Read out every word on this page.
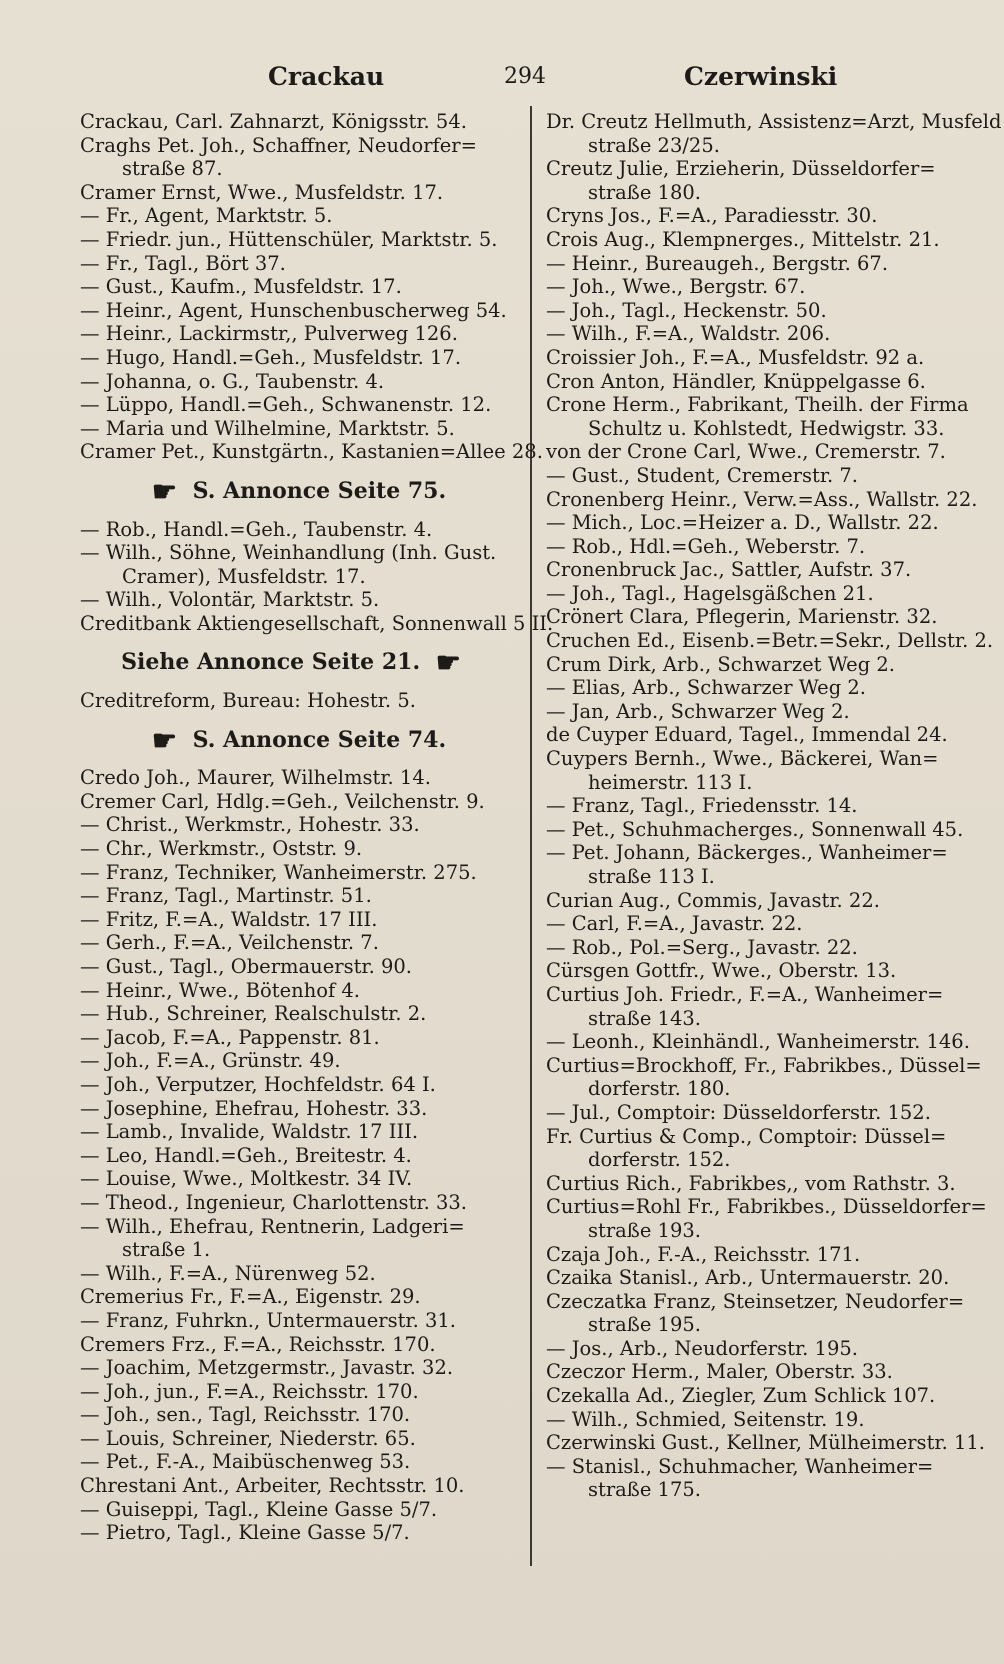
Crackau	294	Czerwinski
Crackau, Carl. Zahnarzt, Königsstr. 54.
Craghs Pet. Joh., Schaffner, Neudorfer=
straße 87.
Cramer Ernst, Wwe., Musfeldstr. 17.
— Fr., Agent, Marktstr. 5.
— Friedr. jun., Hüttenschüler, Marktstr. 5.
— Fr., Tagl., Bört 37.
— Gust., Kaufm., Musfeldstr. 17.
— Heinr., Agent, Hunschenbuscherweg 54.
— Heinr., Lackirmstr,, Pulverweg 126.
— Hugo, Handl.=Geh., Musfeldstr. 17.
— Johanna, o. G., Taubenstr. 4.
— Lüppo, Handl.=Geh., Schwanenstr. 12.
— Maria und Wilhelmine, Marktstr. 5.
Cramer Pet., Kunstgärtn., Kastanien=Allee 28.
☛ S. Annonce Seite 75.
— Rob., Handl.=Geh., Taubenstr. 4.
— Wilh., Söhne, Weinhandlung (Inh. Gust.
Cramer), Musfeldstr. 17.
— Wilh., Volontär, Marktstr. 5.
Creditbank Aktiengesellschaft, Sonnenwall 5 II.
Siehe Annonce Seite 21. ☛
Creditreform, Bureau: Hohestr. 5.
☛ S. Annonce Seite 74.
Credo Joh., Maurer, Wilhelmstr. 14.
Cremer Carl, Hdlg.=Geh., Veilchenstr. 9.
— Christ., Werkmstr., Hohestr. 33.
— Chr., Werkmstr., Oststr. 9.
— Franz, Techniker, Wanheimerstr. 275.
— Franz, Tagl., Martinstr. 51.
— Fritz, F.=A., Waldstr. 17 III.
— Gerh., F.=A., Veilchenstr. 7.
— Gust., Tagl., Obermauerstr. 90.
— Heinr., Wwe., Bötenhof 4.
— Hub., Schreiner, Realschulstr. 2.
— Jacob, F.=A., Pappenstr. 81.
— Joh., F.=A., Grünstr. 49.
— Joh., Verputzer, Hochfeldstr. 64 I.
— Josephine, Ehefrau, Hohestr. 33.
— Lamb., Invalide, Waldstr. 17 III.
— Leo, Handl.=Geh., Breitestr. 4.
— Louise, Wwe., Moltkestr. 34 IV.
— Theod., Ingenieur, Charlottenstr. 33.
— Wilh., Ehefrau, Rentnerin, Ladgeri=
straße 1.
— Wilh., F.=A., Nürenweg 52.
Cremerius Fr., F.=A., Eigenstr. 29.
— Franz, Fuhrkn., Untermauerstr. 31.
Cremers Frz., F.=A., Reichsstr. 170.
— Joachim, Metzgermstr., Javastr. 32.
— Joh., jun., F.=A., Reichsstr. 170.
— Joh., sen., Tagl, Reichsstr. 170.
— Louis, Schreiner, Niederstr. 65.
— Pet., F.-A., Maibüschenweg 53.
Chrestani Ant., Arbeiter, Rechtsstr. 10.
— Guiseppi, Tagl., Kleine Gasse 5/7.
— Pietro, Tagl., Kleine Gasse 5/7.
Dr. Creutz Hellmuth, Assistenz=Arzt, Musfeld
straße 23/25.
Creutz Julie, Erzieherin, Düsseldorfer=
straße 180.
Cryns Jos., F.=A., Paradiesstr. 30.
Crois Aug., Klempnerges., Mittelstr. 21.
— Heinr., Bureaugeh., Bergstr. 67.
— Joh., Wwe., Bergstr. 67.
— Joh., Tagl., Heckenstr. 50.
— Wilh., F.=A., Waldstr. 206.
Croissier Joh., F.=A., Musfeldstr. 92 a.
Cron Anton, Händler, Knüppelgasse 6.
Crone Herm., Fabrikant, Theilh. der Firma
Schultz u. Kohlstedt, Hedwigstr. 33.
von der Crone Carl, Wwe., Cremerstr. 7.
— Gust., Student, Cremerstr. 7.
Cronenberg Heinr., Verw.=Ass., Wallstr. 22.
— Mich., Loc.=Heizer a. D., Wallstr. 22.
— Rob., Hdl.=Geh., Weberstr. 7.
Cronenbruck Jac., Sattler, Aufstr. 37.
— Joh., Tagl., Hagelsgäßchen 21.
Crönert Clara, Pflegerin, Marienstr. 32.
Cruchen Ed., Eisenb.=Betr.=Sekr., Dellstr. 2.
Crum Dirk, Arb., Schwarzet Weg 2.
— Elias, Arb., Schwarzer Weg 2.
— Jan, Arb., Schwarzer Weg 2.
de Cuyper Eduard, Tagel., Immendal 24.
Cuypers Bernh., Wwe., Bäckerei, Wan=
heimerstr. 113 I.
— Franz, Tagl., Friedensstr. 14.
— Pet., Schuhmacherges., Sonnenwall 45.
— Pet. Johann, Bäckerges., Wanheimer=
straße 113 I.
Curian Aug., Commis, Javastr. 22.
— Carl, F.=A., Javastr. 22.
— Rob., Pol.=Serg., Javastr. 22.
Cürsgen Gottfr., Wwe., Oberstr. 13.
Curtius Joh. Friedr., F.=A., Wanheimer=
straße 143.
— Leonh., Kleinhändl., Wanheimerstr. 146.
Curtius=Brockhoff, Fr., Fabrikbes., Düssel=
dorferstr. 180.
— Jul., Comptoir: Düsseldorferstr. 152.
Fr. Curtius & Comp., Comptoir: Düssel=
dorferstr. 152.
Curtius Rich., Fabrikbes,, vom Rathstr. 3.
Curtius=Rohl Fr., Fabrikbes., Düsseldorfer=
straße 193.
Czaja Joh., F.-A., Reichsstr. 171.
Czaika Stanisl., Arb., Untermauerstr. 20.
Czeczatka Franz, Steinsetzer, Neudorfer=
straße 195.
— Jos., Arb., Neudorferstr. 195.
Czeczor Herm., Maler, Oberstr. 33.
Czekalla Ad., Ziegler, Zum Schlick 107.
— Wilh., Schmied, Seitenstr. 19.
Czerwinski Gust., Kellner, Mülheimerstr. 11.
— Stanisl., Schuhmacher, Wanheimer=
straße 175.
